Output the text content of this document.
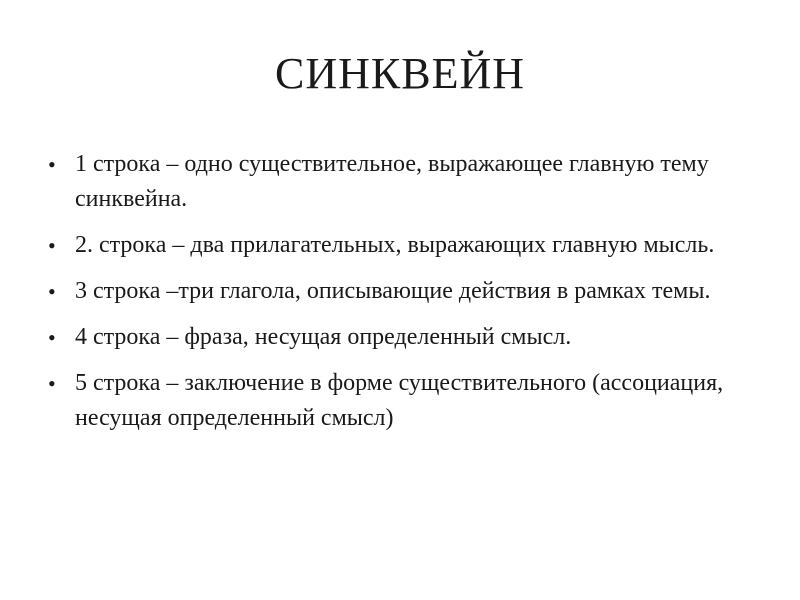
СИНКВЕЙН
• 1 строка – одно существительное, выражающее главную тему синквейна.
• 2. строка – два прилагательных, выражающих главную мысль.
• 3 строка –три глагола, описывающие действия в рамках темы.
• 4 строка – фраза, несущая определенный смысл.
• 5 строка – заключение в форме существительного (ассоциация, несущая определенный смысл)
